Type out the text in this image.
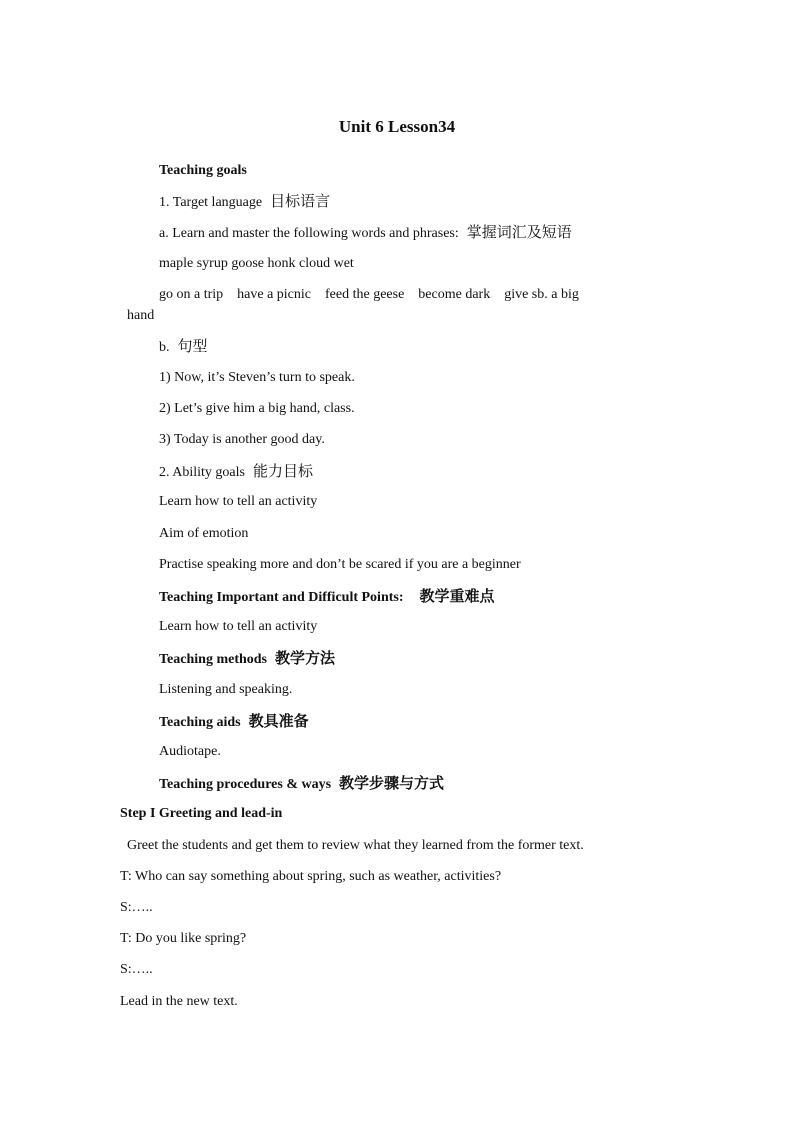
Unit 6 Lesson34
Teaching goals
1. Target language 目标语言
a. Learn and master the following words and phrases: 掌握词汇及短语
maple syrup goose honk cloud wet
go on a trip    have a picnic    feed the geese    become dark    give sb. a big
hand
b. 句型
1) Now, it’s Steven’s turn to speak.
2) Let’s give him a big hand, class.
3) Today is another good day.
2. Ability goals 能力目标
Learn how to tell an activity
Aim of emotion
Practise speaking more and don’t be scared if you are a beginner
Teaching Important and Difficult Points: 教学重难点
Learn how to tell an activity
Teaching methods 教学方法
Listening and speaking.
Teaching aids 教具准备
Audiotape.
Teaching procedures & ways 教学步骤与方式
Step I Greeting and lead-in
Greet the students and get them to review what they learned from the former text.
T: Who can say something about spring, such as weather, activities?
S:…..
T: Do you like spring?
S:…..
Lead in the new text.
